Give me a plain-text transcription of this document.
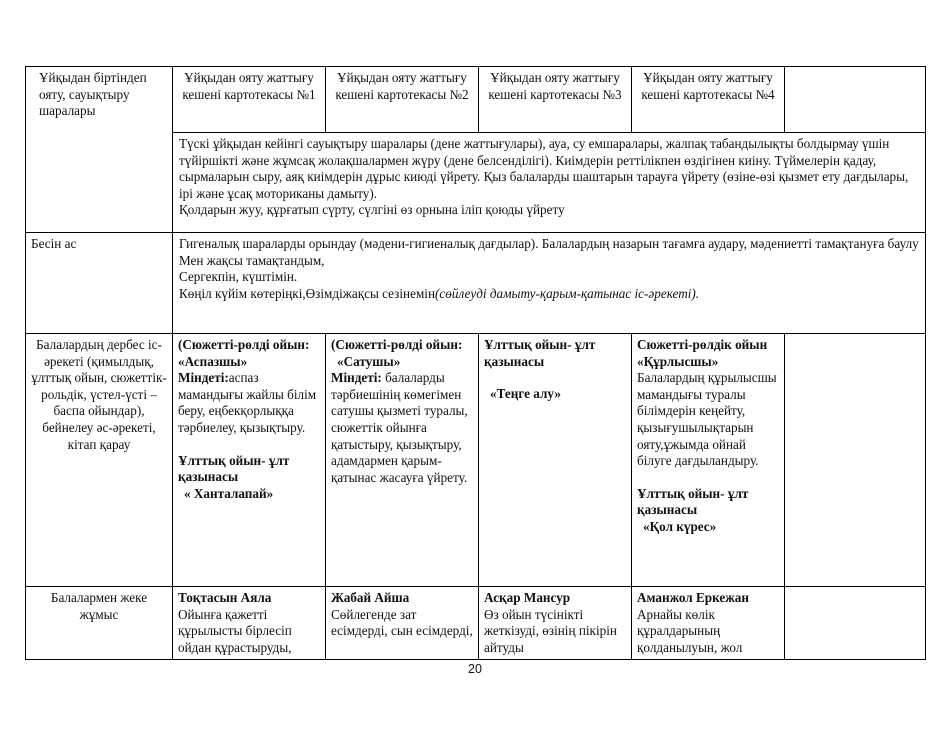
Ұйқыдан біртіндеп ояту, сауықтыру шаралары	Ұйқыдан ояту жаттығу кешені картотекасы №1	Ұйқыдан ояту жаттығу кешені картотекасы №2	Ұйқыдан ояту жаттығу кешені картотекасы №3	Ұйқыдан ояту жаттығу кешені картотекасы №4	

	Түскі ұйқыдан кейінгі сауықтыру шаралары (дене жаттығулары), ауа, су емшаралары, жалпақ табандылықты болдырмау үшін түйіршікті және жұмсақ жолақшалармен жүру (дене белсенділігі). Киімдерін реттілікпен өздігінен киіну. Түймелерін қадау, сырмаларын сыру, аяқ киімдерін дұрыс киюді үйрету. Қыз балаларды шаштарын тарауға үйрету (өзіне-өзі қызмет ету дағдылары, ірі және ұсақ моториканы дамыту).
Қолдарын жуу, құрғатып сүрту, сүлгіні өз орнына іліп қоюды үйрету				

Бесін ас	Гигеналық шараларды орындау (мәдени-гигиеналық дағдылар). Балалардың назарын тағамға аудару, мәдениетті тамақтануға баулу
Мен жақсы тамақтандым,
Сергекпін, күштімін.
Көңіл күйім көтеріңкі,Өзімдіжақсы сезінемін(сөйлеуді дамыту-қарым-қатынас іс-әрекеті).				

Балалардың дербес іс-әрекеті (қимылдық, ұлттық ойын, сюжеттік-рольдік, үстел-үсті –баспа ойындар), бейнелеу әс-әрекеті, кітап қарау	(Сюжетті-рөлді ойын: «Аспазшы»
Міндеті:аспаз мамандығы жайлы білім беру, еңбекқорлыққа тәрбиелеу, қызықтыру.
Ұлттық ойын- ұлт қазынасы
« Ханталапай»	(Сюжетті-рөлді ойын:
«Сатушы»
Міндеті: балаларды тәрбиешінің көмегімен сатушы қызметі туралы, сюжеттік ойынға қатыстыру, қызықтыру, адамдармен қарым-қатынас жасауға үйрету.	Ұлттық ойын- ұлт қазынасы
«Теңге алу»	Сюжетті-рөлдік ойын
«Құрлысшы»
Балалардың құрылысшы мамандығы туралы білімдерін кеңейту, қызығушылықтарын ояту,ұжымда ойнай білуге дағдыландыру.
Ұлттық ойын- ұлт қазынасы
«Қол күрес»	

Балалармен жеке жұмыс	Тоқтасын Аяла
Ойынға қажетті құрылысты бірлесіп ойдан құрастыруды,	Жабай Айша
Сөйлегенде зат есімдерді, сын есімдерді,	Асқар Мансур
Өз ойын түсінікті жеткізуді, өзінің пікірін айтуды	Аманжол Еркежан
Арнайы көлік құралдарының қолданылуын, жол	

20
